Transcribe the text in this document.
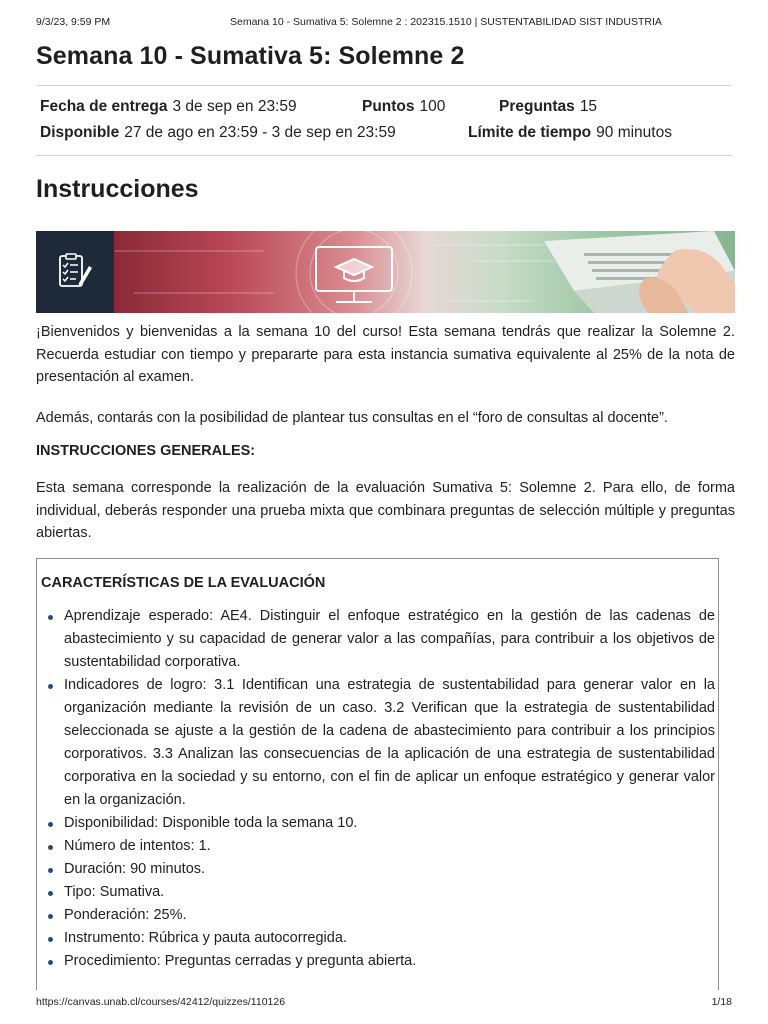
9/3/23, 9:59 PM	Semana 10 - Sumativa 5: Solemne 2 : 202315.1510 | SUSTENTABILIDAD SIST INDUSTRIA
Semana 10 - Sumativa 5: Solemne 2
Fecha de entrega 3 de sep en 23:59	Puntos 100	Preguntas 15
Disponible 27 de ago en 23:59 - 3 de sep en 23:59	Límite de tiempo 90 minutos
Instrucciones

¡Bienvenidos y bienvenidas a la semana 10 del curso! Esta semana tendrás que realizar la Solemne 2. Recuerda estudiar con tiempo y prepararte para esta instancia sumativa equivalente al 25% de la nota de presentación al examen.

Además, contarás con la posibilidad de plantear tus consultas en el “foro de consultas al docente”.

INSTRUCCIONES GENERALES:

Esta semana corresponde la realización de la evaluación Sumativa 5: Solemne 2. Para ello, de forma individual, deberás responder una prueba mixta que combinara preguntas de selección múltiple y preguntas abiertas.

CARACTERÍSTICAS DE LA EVALUACIÓN
Aprendizaje esperado: AE4. Distinguir el enfoque estratégico en la gestión de las cadenas de abastecimiento y su capacidad de generar valor a las compañías, para contribuir a los objetivos de sustentabilidad corporativa.
Indicadores de logro: 3.1 Identifican una estrategia de sustentabilidad para generar valor en la organización mediante la revisión de un caso. 3.2 Verifican que la estrategia de sustentabilidad seleccionada se ajuste a la gestión de la cadena de abastecimiento para contribuir a los principios corporativos. 3.3 Analizan las consecuencias de la aplicación de una estrategia de sustentabilidad corporativa en la sociedad y su entorno, con el fin de aplicar un enfoque estratégico y generar valor en la organización.
Disponibilidad: Disponible toda la semana 10.
Número de intentos: 1.
Duración: 90 minutos.
Tipo: Sumativa.
Ponderación: 25%.
Instrumento: Rúbrica y pauta autocorregida.
Procedimiento: Preguntas cerradas y pregunta abierta.
https://canvas.unab.cl/courses/42412/quizzes/110126	1/18
